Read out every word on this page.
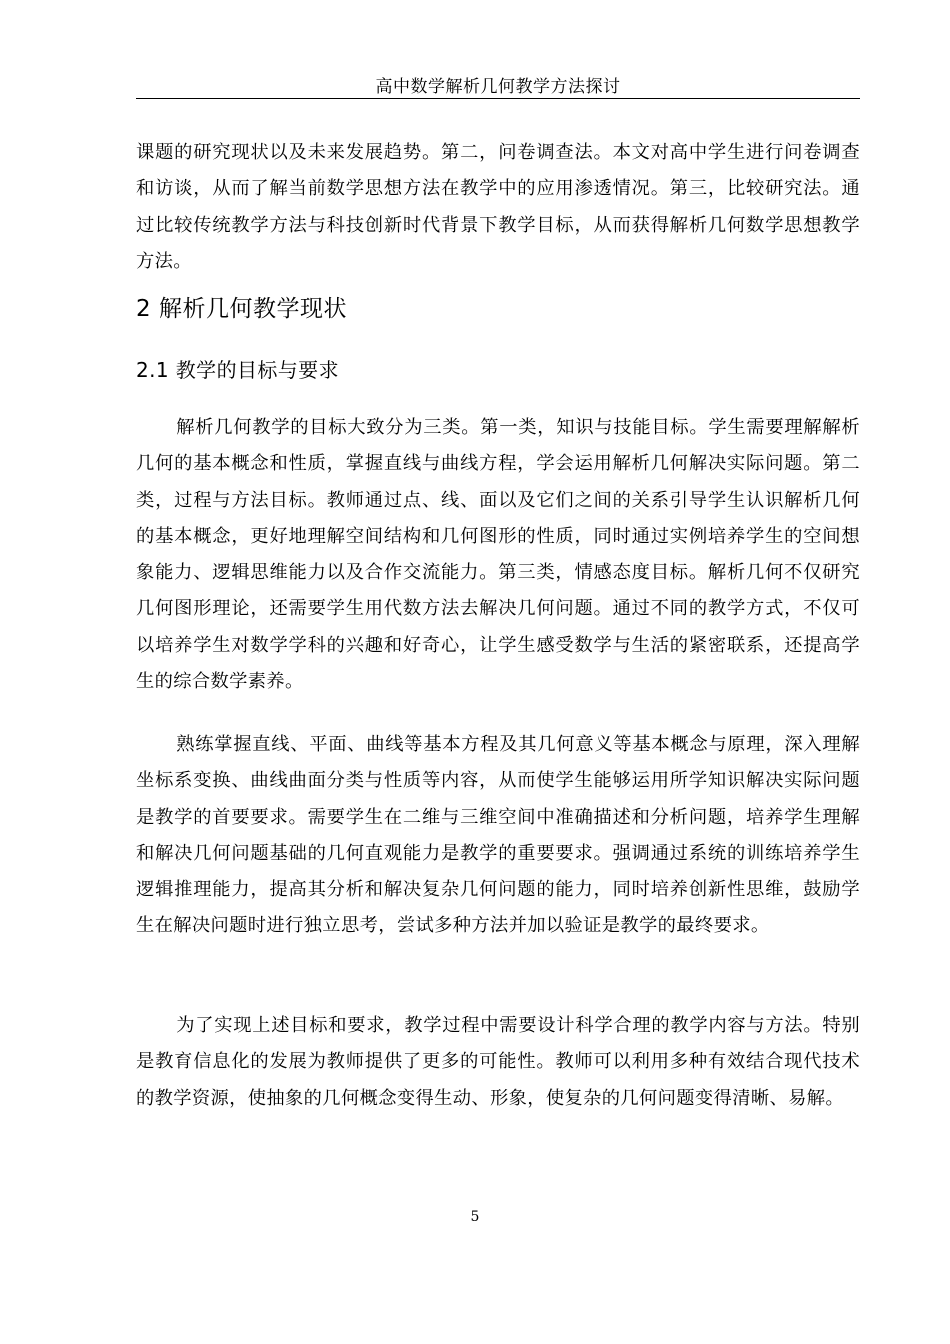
高中数学解析几何教学方法探讨

课题的研究现状以及未来发展趋势。第二，问卷调查法。本文对高中学生进行问卷调查和访谈，从而了解当前数学思想方法在教学中的应用渗透情况。第三，比较研究法。通过比较传统教学方法与科技创新时代背景下教学目标，从而获得解析几何数学思想教学方法。

2 解析几何教学现状
2.1 教学的目标与要求

解析几何教学的目标大致分为三类。第一类，知识与技能目标。学生需要理解解析几何的基本概念和性质，掌握直线与曲线方程，学会运用解析几何解决实际问题。第二类，过程与方法目标。教师通过点、线、面以及它们之间的关系引导学生认识解析几何的基本概念，更好地理解空间结构和几何图形的性质，同时通过实例培养学生的空间想象能力、逻辑思维能力以及合作交流能力。第三类，情感态度目标。解析几何不仅研究几何图形理论，还需要学生用代数方法去解决几何问题。通过不同的教学方式，不仅可以培养学生对数学学科的兴趣和好奇心，让学生感受数学与生活的紧密联系，还提高学生的综合数学素养。

熟练掌握直线、平面、曲线等基本方程及其几何意义等基本概念与原理，深入理解坐标系变换、曲线曲面分类与性质等内容，从而使学生能够运用所学知识解决实际问题是教学的首要要求。需要学生在二维与三维空间中准确描述和分析问题，培养学生理解和解决几何问题基础的几何直观能力是教学的重要要求。强调通过系统的训练培养学生逻辑推理能力，提高其分析和解决复杂几何问题的能力，同时培养创新性思维，鼓励学生在解决问题时进行独立思考，尝试多种方法并加以验证是教学的最终要求。

为了实现上述目标和要求，教学过程中需要设计科学合理的教学内容与方法。特别是教育信息化的发展为教师提供了更多的可能性。教师可以利用多种有效结合现代技术的教学资源，使抽象的几何概念变得生动、形象，使复杂的几何问题变得清晰、易解。

5
